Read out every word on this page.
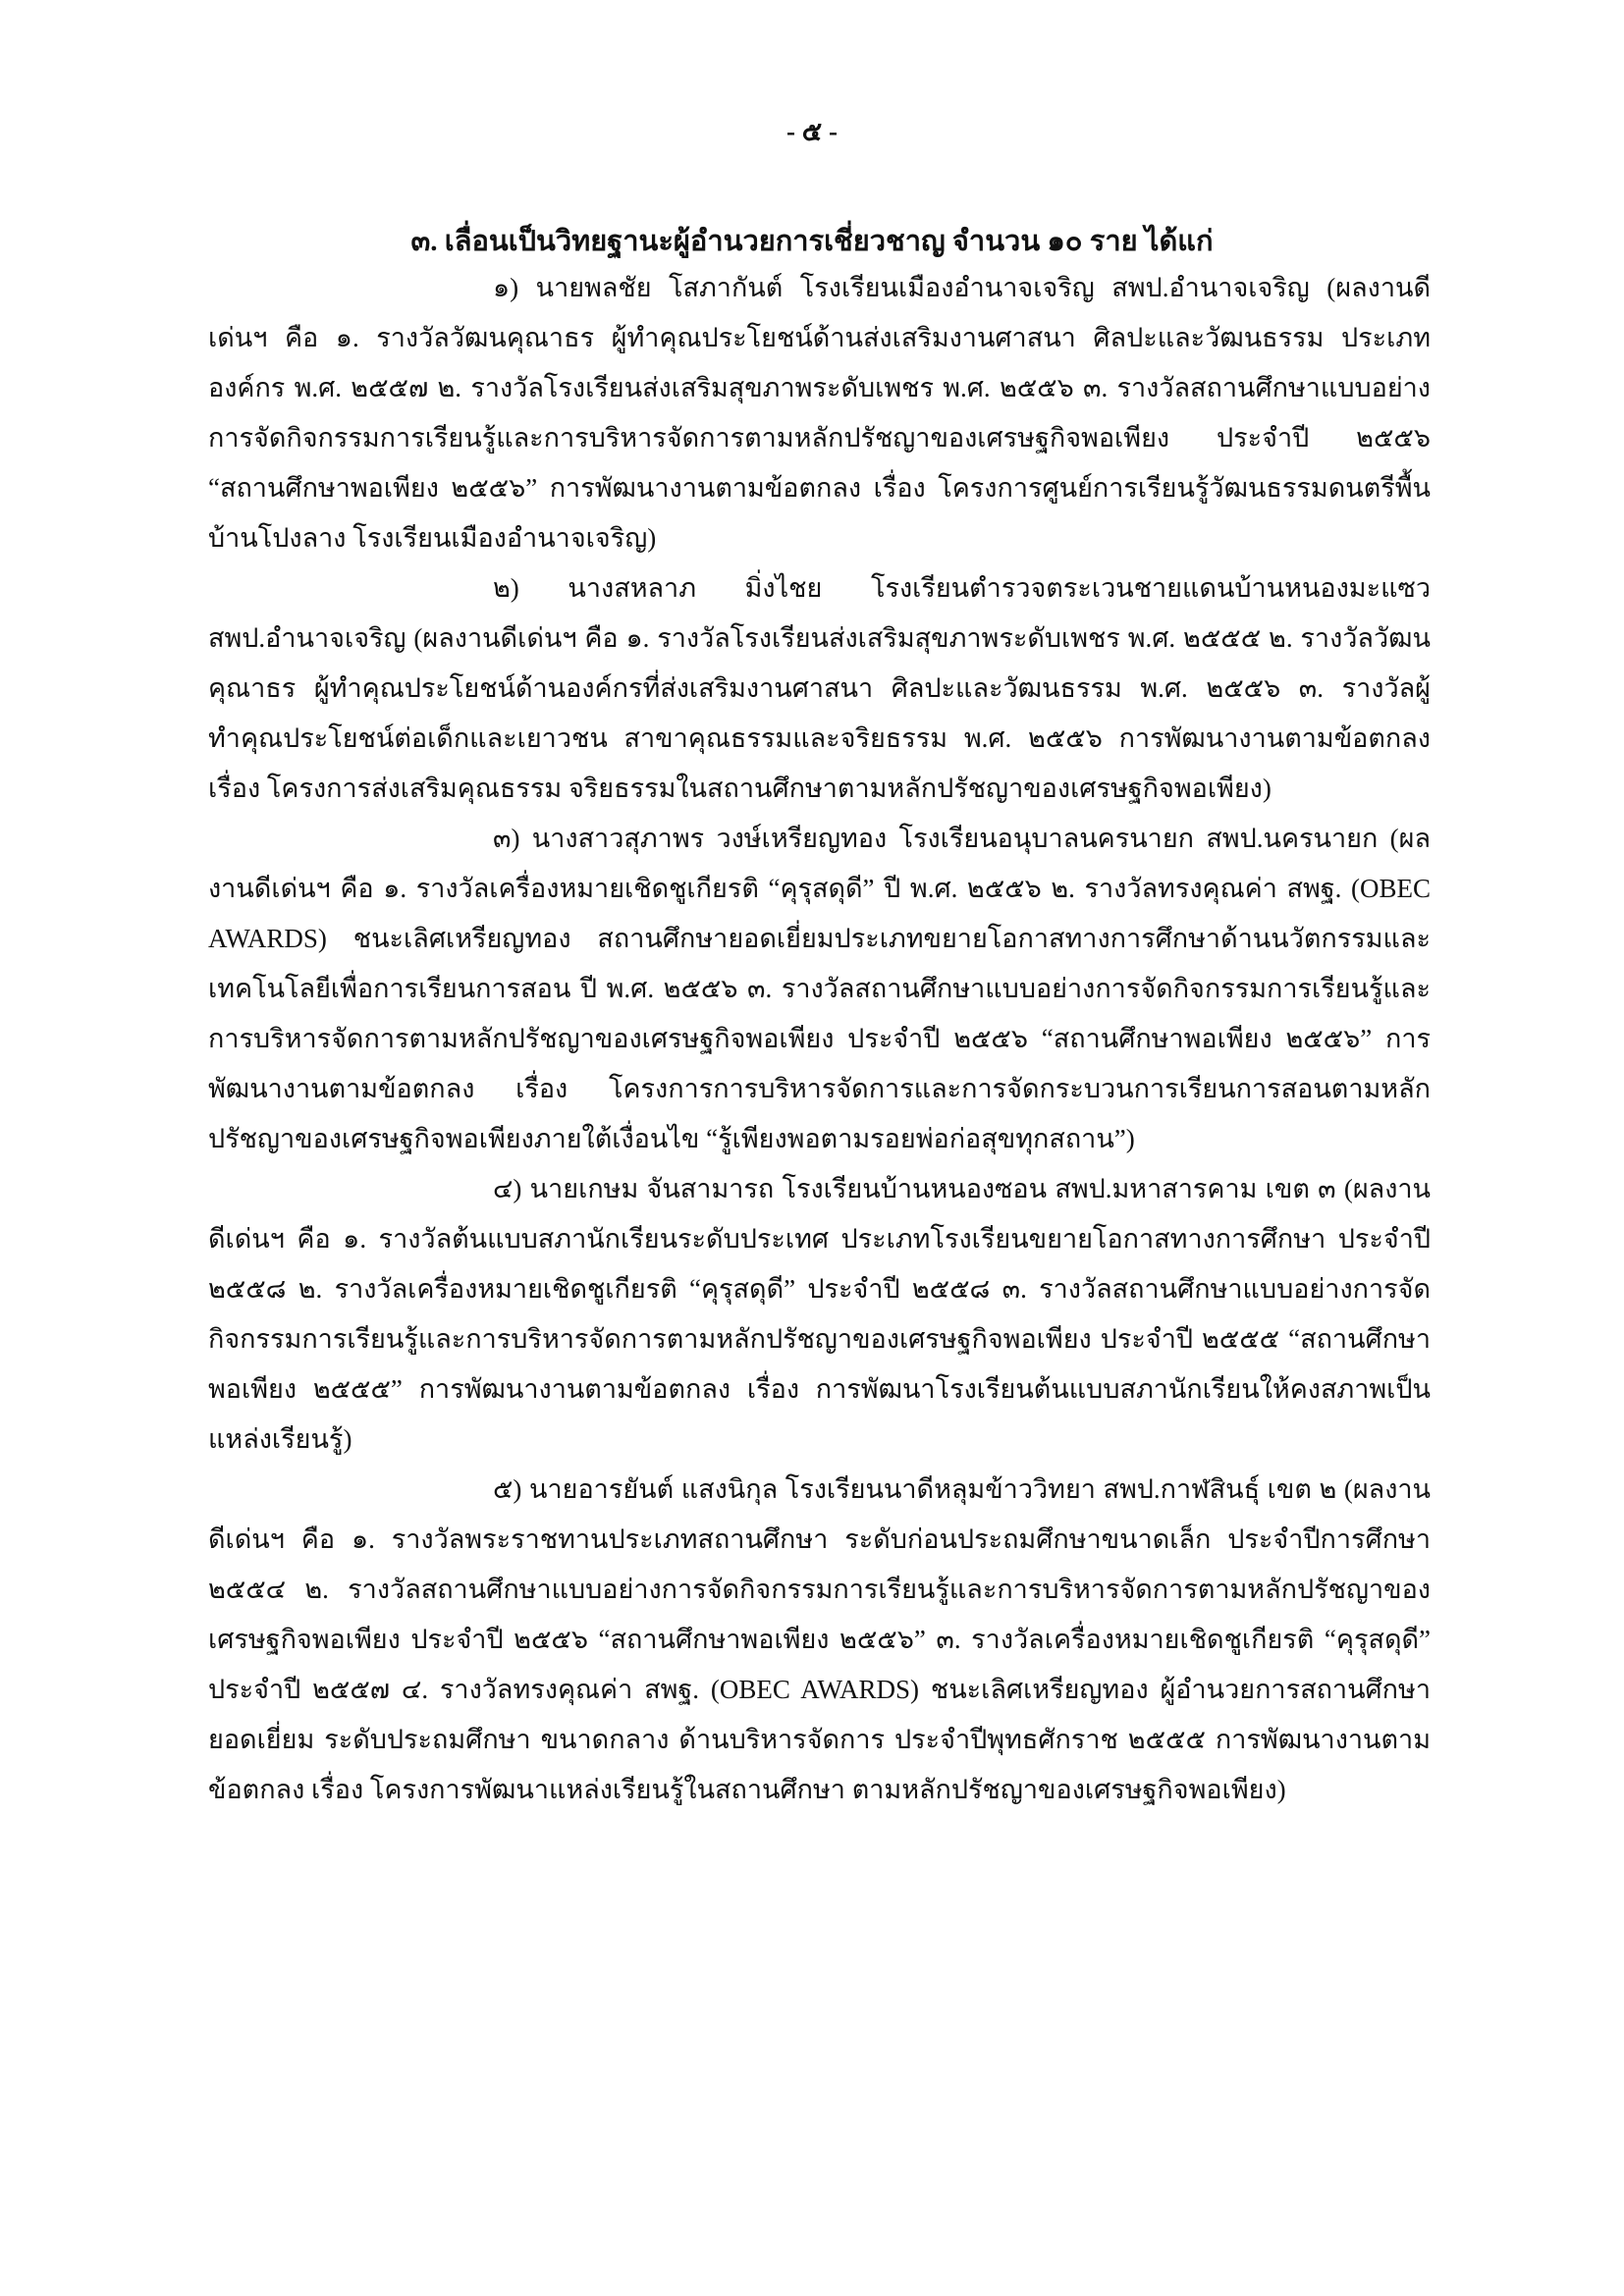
- ๕ -
๓. เลื่อนเป็นวิทยฐานะผู้อำนวยการเชี่ยวชาญ จำนวน ๑๐ ราย ได้แก่

๑) นายพลชัย โสภากันต์ โรงเรียนเมืองอำนาจเจริญ สพป.อำนาจเจริญ (ผลงานดีเด่นฯ คือ ๑. รางวัลวัฒนคุณาธร ผู้ทำคุณประโยชน์ด้านส่งเสริมงานศาสนา ศิลปะและวัฒนธรรม ประเภทองค์กร พ.ศ. ๒๕๕๗ ๒. รางวัลโรงเรียนส่งเสริมสุขภาพระดับเพชร พ.ศ. ๒๕๕๖ ๓. รางวัลสถานศึกษาแบบอย่างการจัดกิจกรรมการเรียนรู้และการบริหารจัดการตามหลักปรัชญาของเศรษฐกิจพอเพียง ประจำปี ๒๕๕๖ “สถานศึกษาพอเพียง ๒๕๕๖” การพัฒนางานตามข้อตกลง เรื่อง โครงการศูนย์การเรียนรู้วัฒนธรรมดนตรีพื้นบ้านโปงลาง โรงเรียนเมืองอำนาจเจริญ)

๒) นางสหลาภ มิ่งไชย โรงเรียนตำรวจตระเวนชายแดนบ้านหนองมะแซว สพป.อำนาจเจริญ (ผลงานดีเด่นฯ คือ ๑. รางวัลโรงเรียนส่งเสริมสุขภาพระดับเพชร พ.ศ. ๒๕๕๕ ๒. รางวัลวัฒนคุณาธร ผู้ทำคุณประโยชน์ด้านองค์กรที่ส่งเสริมงานศาสนา ศิลปะและวัฒนธรรม พ.ศ. ๒๕๕๖ ๓. รางวัลผู้ทำคุณประโยชน์ต่อเด็กและเยาวชน สาขาคุณธรรมและจริยธรรม พ.ศ. ๒๕๕๖ การพัฒนางานตามข้อตกลง เรื่อง โครงการส่งเสริมคุณธรรม จริยธรรมในสถานศึกษาตามหลักปรัชญาของเศรษฐกิจพอเพียง)

๓) นางสาวสุภาพร วงษ์เหรียญทอง โรงเรียนอนุบาลนครนายก สพป.นครนายก (ผลงานดีเด่นฯ คือ ๑. รางวัลเครื่องหมายเชิดชูเกียรติ “คุรุสดุดี” ปี พ.ศ. ๒๕๕๖ ๒. รางวัลทรงคุณค่า สพฐ. (OBEC AWARDS) ชนะเลิศเหรียญทอง สถานศึกษายอดเยี่ยมประเภทขยายโอกาสทางการศึกษาด้านนวัตกรรมและเทคโนโลยีเพื่อการเรียนการสอน ปี พ.ศ. ๒๕๕๖ ๓. รางวัลสถานศึกษาแบบอย่างการจัดกิจกรรมการเรียนรู้และการบริหารจัดการตามหลักปรัชญาของเศรษฐกิจพอเพียง ประจำปี ๒๕๕๖ “สถานศึกษาพอเพียง ๒๕๕๖” การพัฒนางานตามข้อตกลง เรื่อง โครงการการบริหารจัดการและการจัดกระบวนการเรียนการสอนตามหลักปรัชญาของเศรษฐกิจพอเพียงภายใต้เงื่อนไข “รู้เพียงพอตามรอยพ่อก่อสุขทุกสถาน”)

๔) นายเกษม จันสามารถ โรงเรียนบ้านหนองซอน สพป.มหาสารคาม เขต ๓ (ผลงานดีเด่นฯ คือ ๑. รางวัลต้นแบบสภานักเรียนระดับประเทศ ประเภทโรงเรียนขยายโอกาสทางการศึกษา ประจำปี ๒๕๕๘ ๒. รางวัลเครื่องหมายเชิดชูเกียรติ “คุรุสดุดี” ประจำปี ๒๕๕๘ ๓. รางวัลสถานศึกษาแบบอย่างการจัดกิจกรรมการเรียนรู้และการบริหารจัดการตามหลักปรัชญาของเศรษฐกิจพอเพียง ประจำปี ๒๕๕๕ “สถานศึกษาพอเพียง ๒๕๕๕” การพัฒนางานตามข้อตกลง เรื่อง การพัฒนาโรงเรียนต้นแบบสภานักเรียนให้คงสภาพเป็นแหล่งเรียนรู้)

๕) นายอารยันต์ แสงนิกุล โรงเรียนนาดีหลุมข้าววิทยา สพป.กาฬสินธุ์ เขต ๒ (ผลงานดีเด่นฯ คือ ๑. รางวัลพระราชทานประเภทสถานศึกษา ระดับก่อนประถมศึกษาขนาดเล็ก ประจำปีการศึกษา ๒๕๕๔ ๒. รางวัลสถานศึกษาแบบอย่างการจัดกิจกรรมการเรียนรู้และการบริหารจัดการตามหลักปรัชญาของเศรษฐกิจพอเพียง ประจำปี ๒๕๕๖ “สถานศึกษาพอเพียง ๒๕๕๖” ๓. รางวัลเครื่องหมายเชิดชูเกียรติ “คุรุสดุดี” ประจำปี ๒๕๕๗ ๔. รางวัลทรงคุณค่า สพฐ. (OBEC AWARDS) ชนะเลิศเหรียญทอง ผู้อำนวยการสถานศึกษายอดเยี่ยม ระดับประถมศึกษา ขนาดกลาง ด้านบริหารจัดการ ประจำปีพุทธศักราช ๒๕๕๕ การพัฒนางานตามข้อตกลง เรื่อง โครงการพัฒนาแหล่งเรียนรู้ในสถานศึกษา ตามหลักปรัชญาของเศรษฐกิจพอเพียง)
